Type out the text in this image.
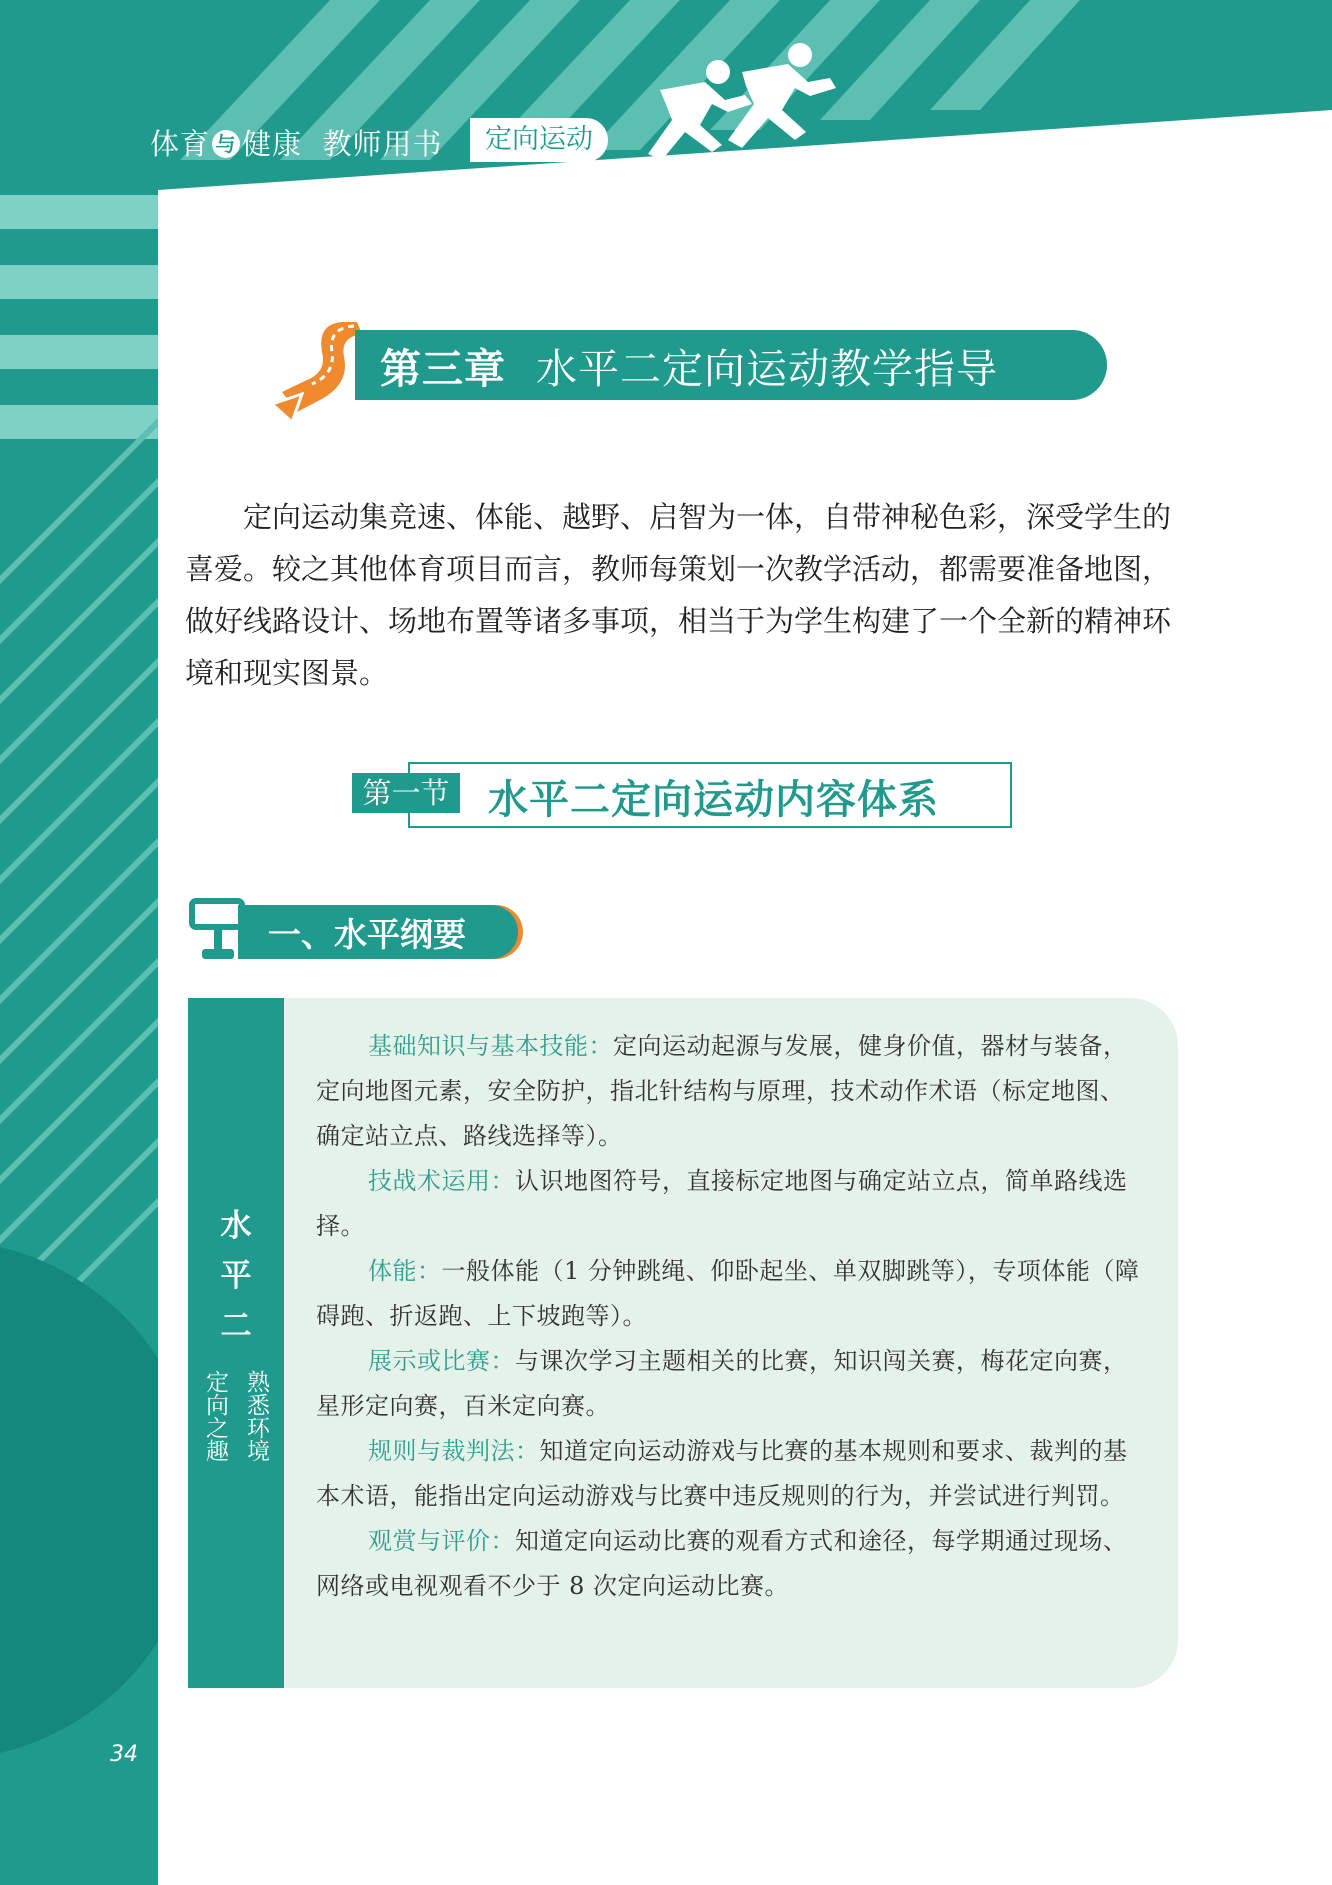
体育 与 健康 教师用书	定向运动
第三章 水平二定向运动教学指导
定向运动集竞速、体能、越野、启智为一体，自带神秘色彩，深受学生的喜爱。较之其他体育项目而言，教师每策划一次教学活动，都需要准备地图，做好线路设计、场地布置等诸多事项，相当于为学生构建了一个全新的精神环境和现实图景。
第一节 水平二定向运动内容体系
一、水平纲要
水
平
二
熟悉环境
定向之趣

基础知识与基本技能：定向运动起源与发展，健身价值，器材与装备，定向地图元素，安全防护，指北针结构与原理，技术动作术语（标定地图、确定站立点、路线选择等）。

技战术运用：认识地图符号，直接标定地图与确定站立点，简单路线选择。

体能：一般体能（1 分钟跳绳、仰卧起坐、单双脚跳等），专项体能（障碍跑、折返跑、上下坡跑等）。

展示或比赛：与课次学习主题相关的比赛，知识闯关赛，梅花定向赛，星形定向赛，百米定向赛。

规则与裁判法：知道定向运动游戏与比赛的基本规则和要求、裁判的基本术语，能指出定向运动游戏与比赛中违反规则的行为，并尝试进行判罚。

观赏与评价：知道定向运动比赛的观看方式和途径，每学期通过现场、网络或电视观看不少于 8 次定向运动比赛。

34
